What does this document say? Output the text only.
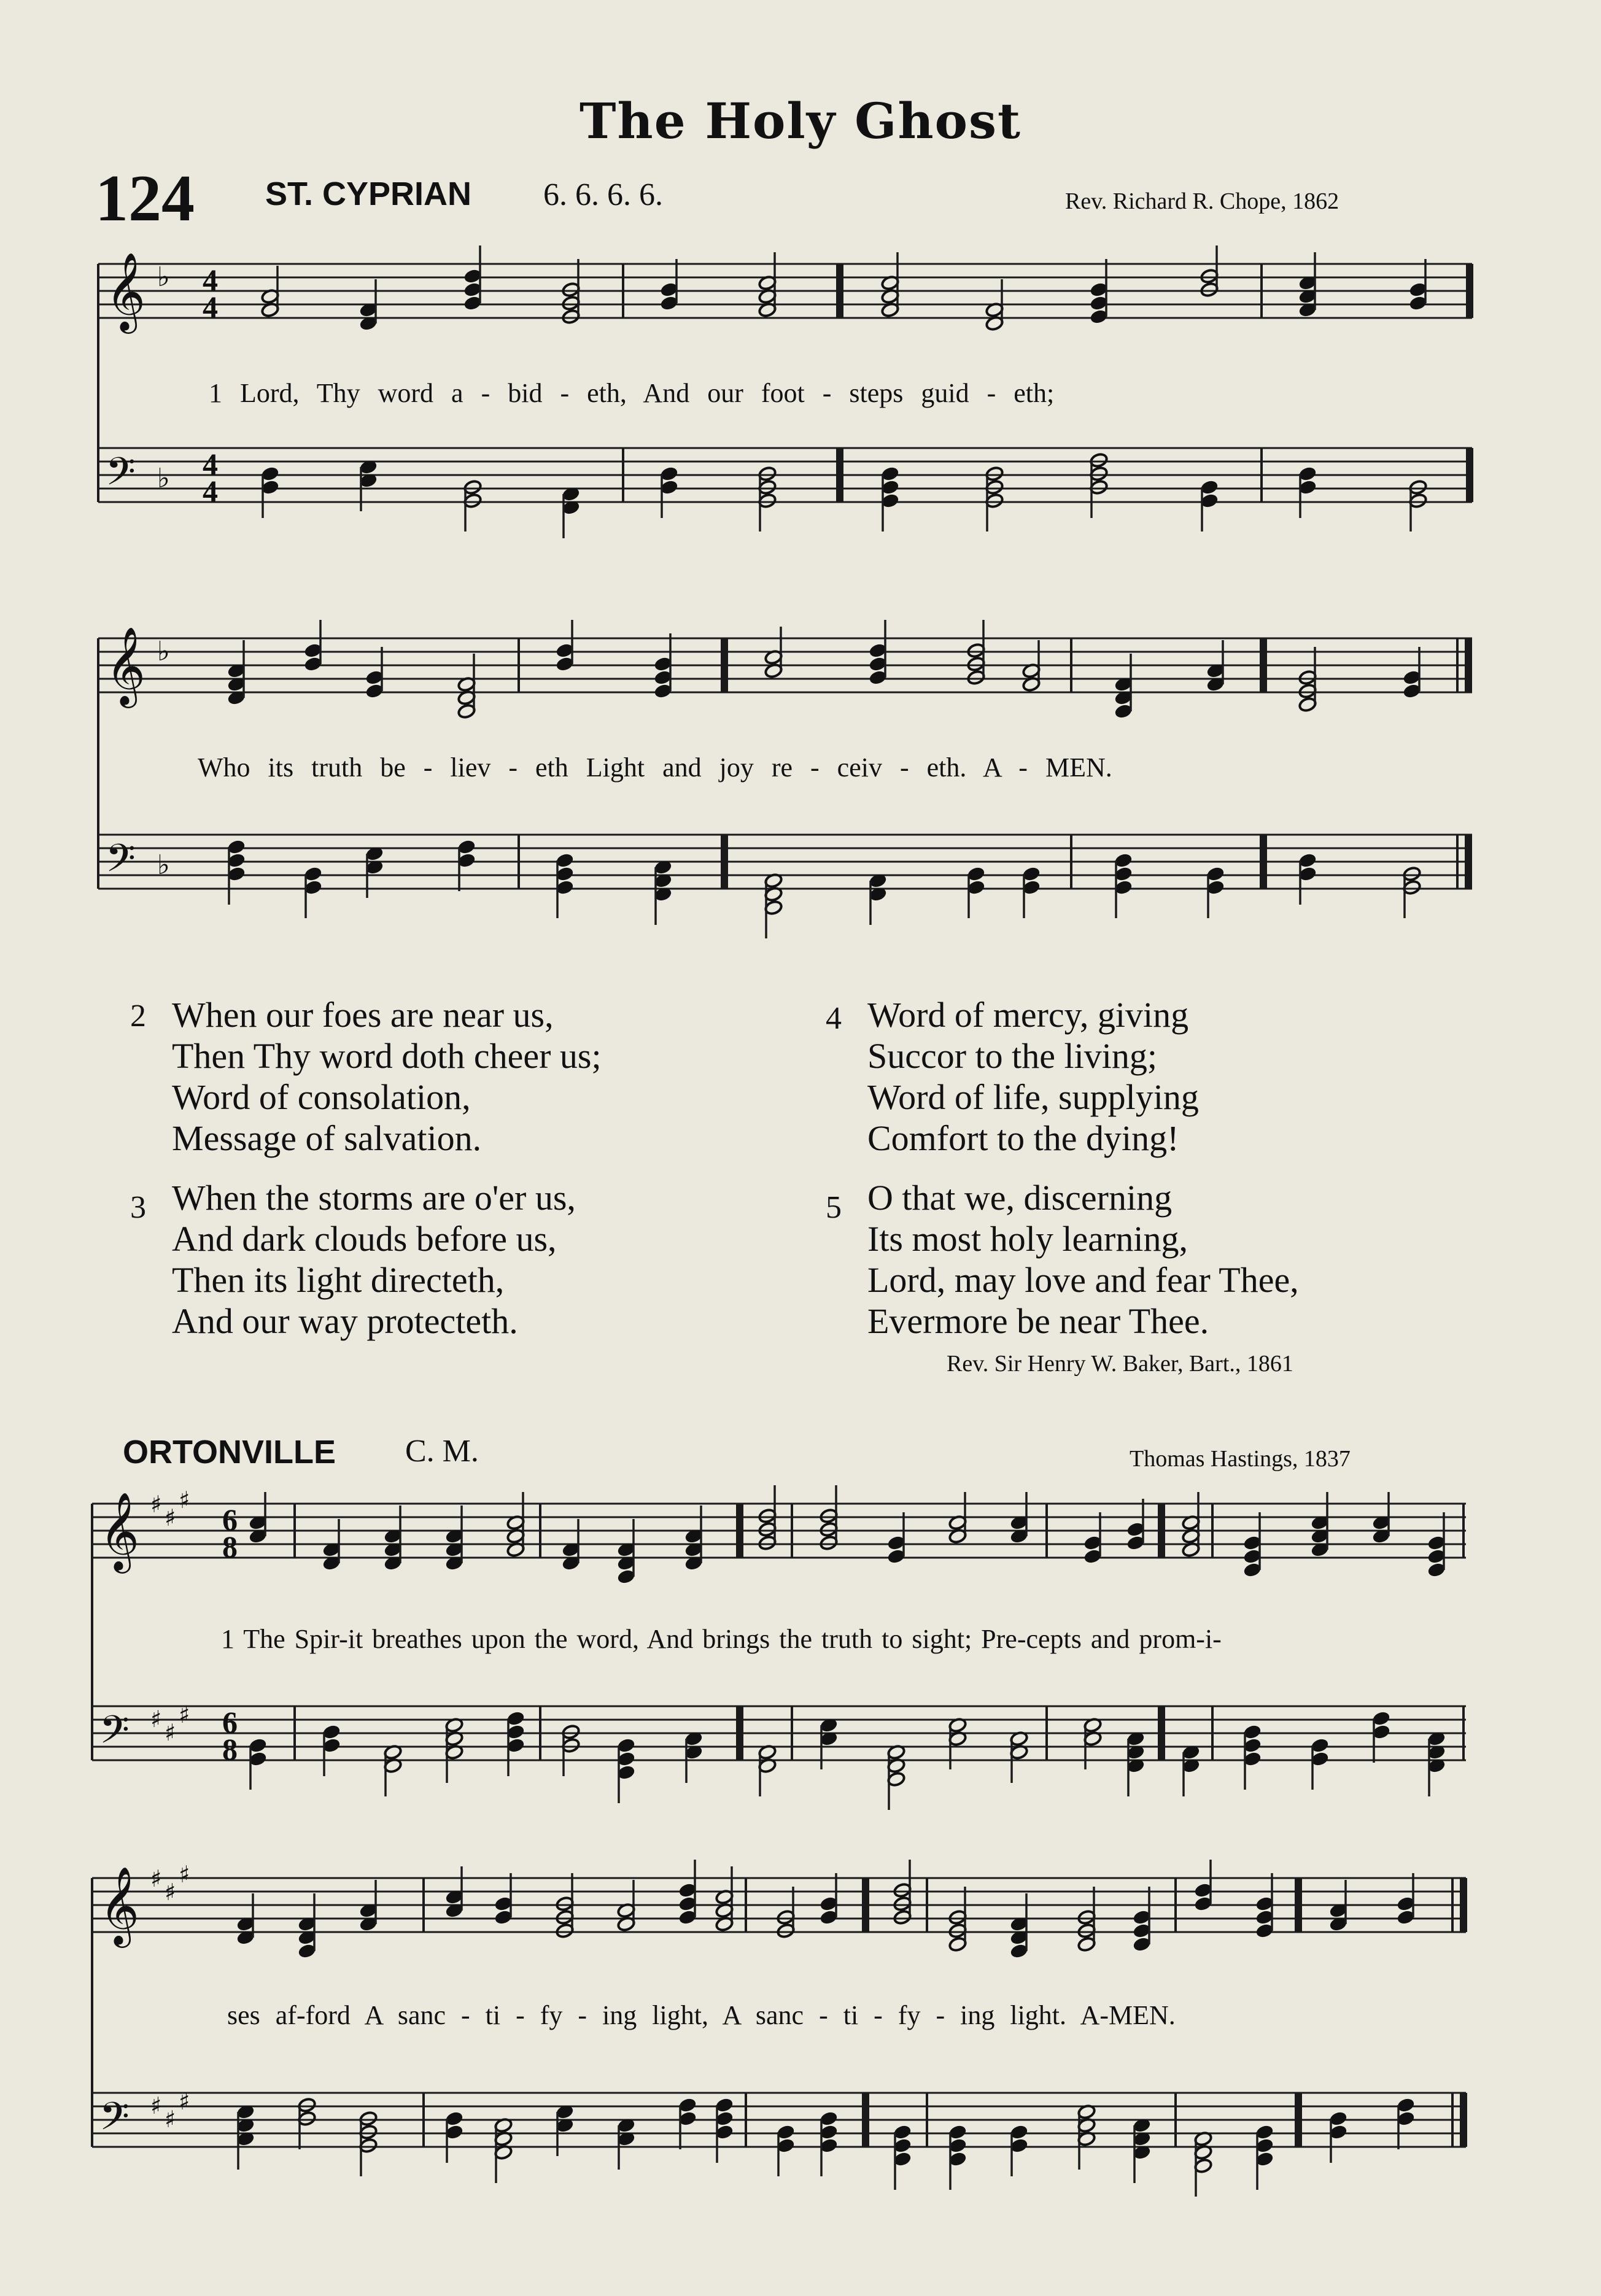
The Holy Ghost
124 ST. CYPRIAN 6. 6. 6. 6.	Rev. Richard R. Chope, 1862
𝄞
𝄢
♭
♭
4
4
4
4
1 Lord, Thy word a - bid - eth, And our foot - steps guid - eth;
𝄞
𝄢
♭
♭
Who its truth be - liev - eth Light and joy re - ceiv - eth. A - MEN.
2 When our foes are near us,
Then Thy word doth cheer us;
Word of consolation,
Message of salvation.
3 When the storms are o'er us,
And dark clouds before us,
Then its light directeth,
And our way protecteth.
4 Word of mercy, giving
Succor to the living;
Word of life, supplying
Comfort to the dying!
5 O that we, discerning
Its most holy learning,
Lord, may love and fear Thee,
Evermore be near Thee.
Rev. Sir Henry W. Baker, Bart., 1861
ORTONVILLE C. M.	Thomas Hastings, 1837
𝄞
𝄢
♯ ♯
♯
♯ ♯
♯
6
8
6
8
1 The Spir-it breathes upon the word, And brings the truth to sight; Pre-cepts and prom-i-
𝄞
𝄢
♯ ♯
♯
♯ ♯
♯
ses af-ford A sanc - ti - fy - ing light, A sanc - ti - fy - ing light. A-MEN.
